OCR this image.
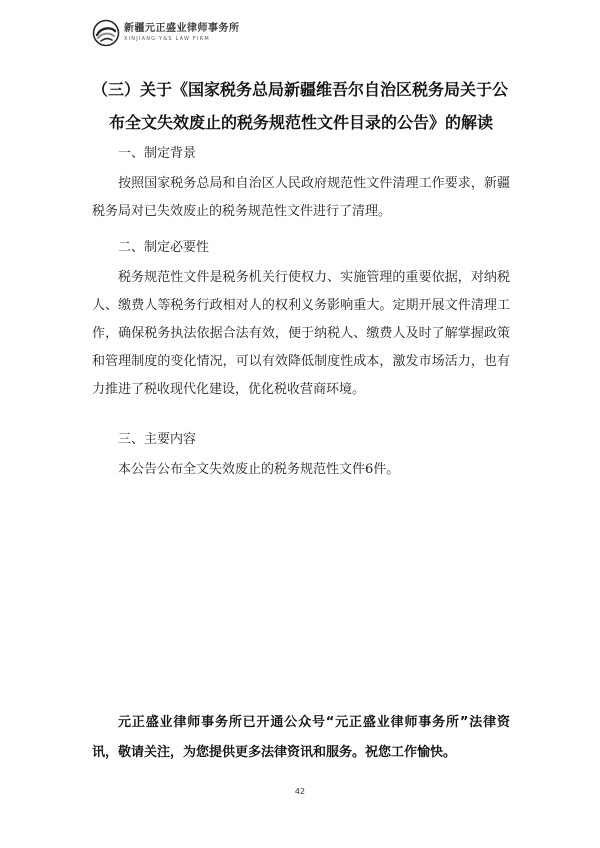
新疆元正盛业律师事务所
XINJIANG Y&S LAW FIRM
（三）关于《国家税务总局新疆维吾尔自治区税务局关于公
布全文失效废止的税务规范性文件目录的公告》的解读
一、制定背景
按照国家税务总局和自治区人民政府规范性文件清理工作要求，新疆税务局对已失效废止的税务规范性文件进行了清理。
二、制定必要性
税务规范性文件是税务机关行使权力、实施管理的重要依据，对纳税人、缴费人等税务行政相对人的权利义务影响重大。定期开展文件清理工作，确保税务执法依据合法有效，便于纳税人、缴费人及时了解掌握政策和管理制度的变化情况，可以有效降低制度性成本，激发市场活力，也有力推进了税收现代化建设，优化税收营商环境。
三、主要内容
本公告公布全文失效废止的税务规范性文件6件。
元正盛业律师事务所已开通公众号“元正盛业律师事务所”法律资讯，敬请关注，为您提供更多法律资讯和服务。祝您工作愉快。
42
